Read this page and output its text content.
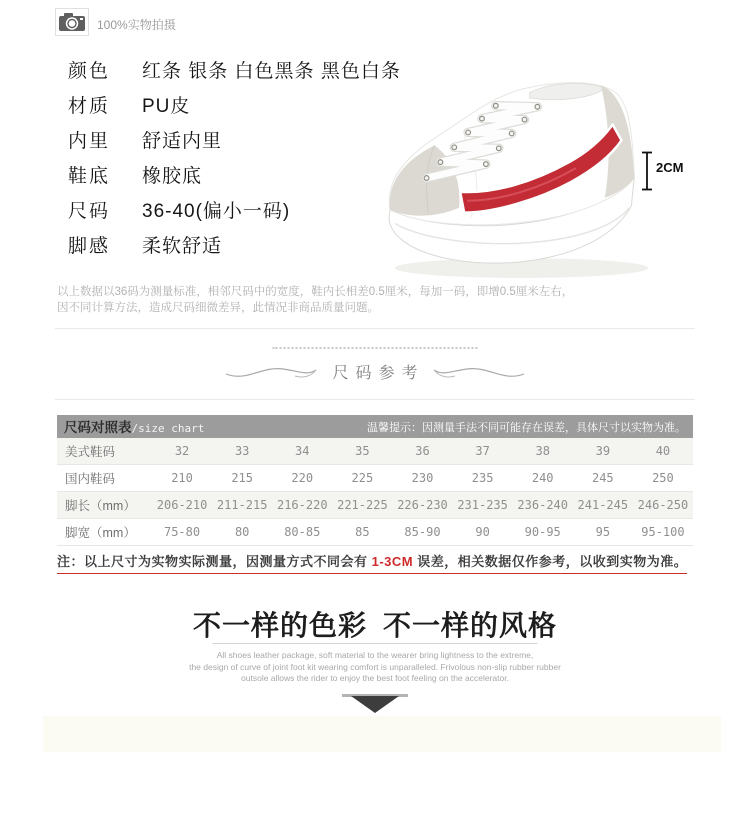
100%实物拍摄
颜色	红条 银条 白色黑条 黑色白条
材质	PU皮
内里	舒适内里
鞋底	橡胶底
尺码	36-40(偏小一码)
脚感	柔软舒适
2CM
以上数据以36码为测量标准，相邻尺码中的宽度，鞋内长相差0.5厘米，每加一码，即增0.5厘米左右，
因不同计算方法，造成尺码细微差异，此情况非商品质量问题。
尺码参考
尺码对照表/size chart	温馨提示：因测量手法不同可能存在误差，具体尺寸以实物为准。
美式鞋码	32	33	34	35	36	37	38	39	40
国内鞋码	210	215	220	225	230	235	240	245	250
脚长（mm）	206-210 211-215 216-220 221-225 226-230 231-235 236-240 241-245 246-250
脚宽（mm）	75-80	80	80-85	85	85-90	90	90-95	95	95-100
注：以上尺寸为实物实际测量，因测量方式不同会有 1-3CM 误差，相关数据仅作参考，以收到实物为准。
不一样的色彩  不一样的风格
All shoes leather package, soft material to the wearer bring lightness to the extreme,
the design of curve of joint foot kit wearing comfort is unparalleled. Frivolous non-slip rubber rubber
outsole allows the rider to enjoy the best foot feeling on the accelerator.
